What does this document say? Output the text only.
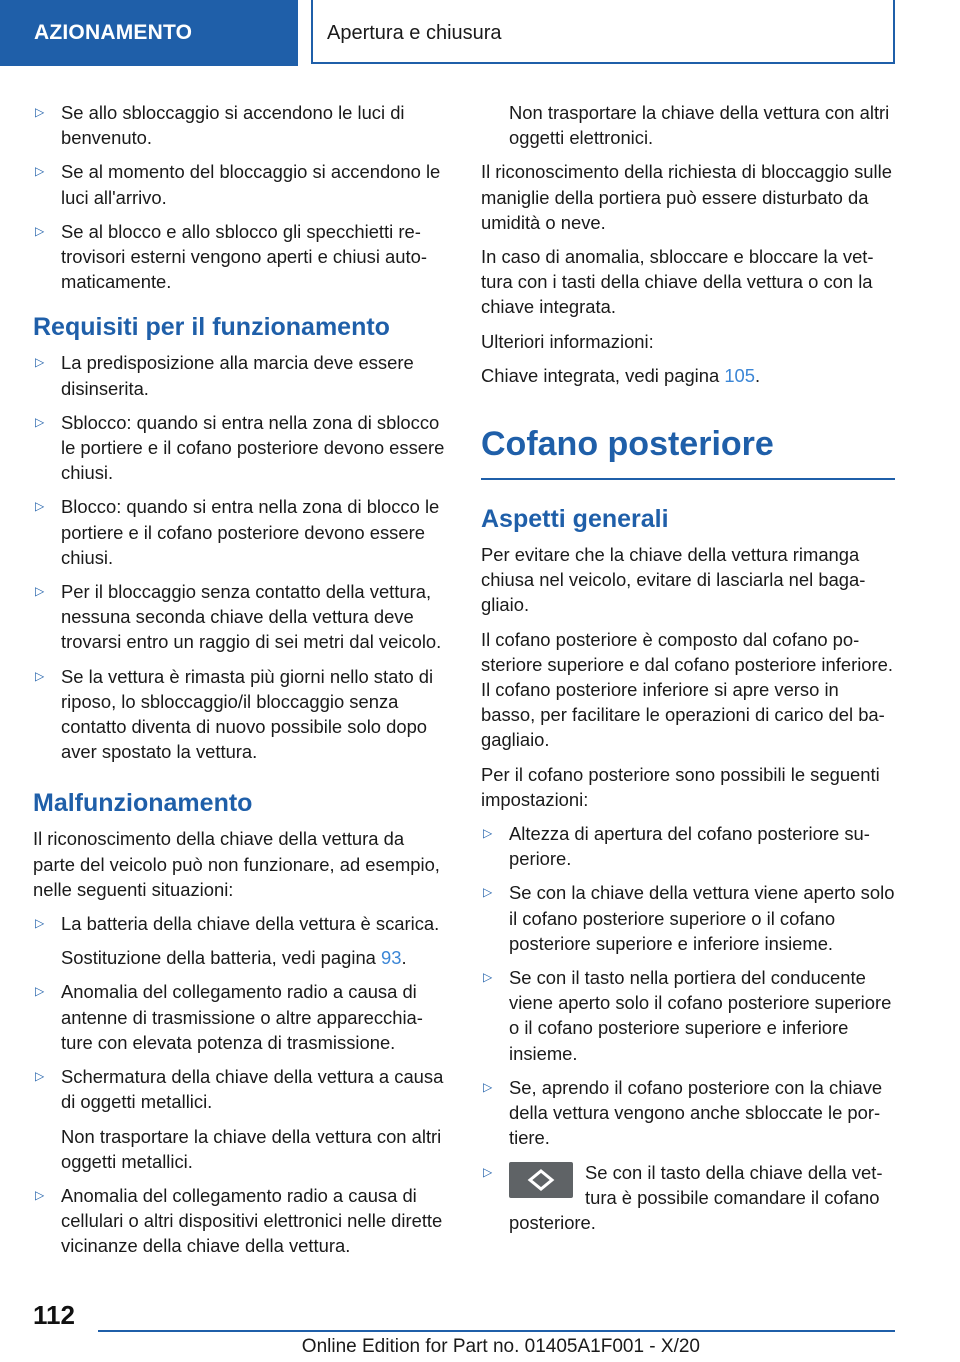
AZIONAMENTO	Apertura e chiusura
▷ Se allo sbloccaggio si accendono le luci di benvenuto.
▷ Se al momento del bloccaggio si accendono le luci all'arrivo.
▷ Se al blocco e allo sblocco gli specchietti retrovisori esterni vengono aperti e chiusi automaticamente.
Requisiti per il funzionamento
▷ La predisposizione alla marcia deve essere disinserita.
▷ Sblocco: quando si entra nella zona di sblocco le portiere e il cofano posteriore devono essere chiusi.
▷ Blocco: quando si entra nella zona di blocco le portiere e il cofano posteriore devono essere chiusi.
▷ Per il bloccaggio senza contatto della vettura, nessuna seconda chiave della vettura deve trovarsi entro un raggio di sei metri dal veicolo.
▷ Se la vettura è rimasta più giorni nello stato di riposo, lo sbloccaggio/il bloccaggio senza contatto diventa di nuovo possibile solo dopo aver spostato la vettura.
Malfunzionamento

Il riconoscimento della chiave della vettura da parte del veicolo può non funzionare, ad esempio, nelle seguenti situazioni:

▷ La batteria della chiave della vettura è scarica.
Sostituzione della batteria, vedi pagina 93.
▷ Anomalia del collegamento radio a causa di antenne di trasmissione o altre apparecchiature con elevata potenza di trasmissione.
▷ Schermatura della chiave della vettura a causa di oggetti metallici.
Non trasportare la chiave della vettura con altri oggetti metallici.
▷ Anomalia del collegamento radio a causa di cellulari o altri dispositivi elettronici nelle dirette vicinanze della chiave della vettura.
Non trasportare la chiave della vettura con altri oggetti elettronici.

Il riconoscimento della richiesta di bloccaggio sulle maniglie della portiera può essere disturbato da umidità o neve.

In caso di anomalia, sbloccare e bloccare la vettura con i tasti della chiave della vettura o con la chiave integrata.

Ulteriori informazioni:

Chiave integrata, vedi pagina 105.

Cofano posteriore
Aspetti generali

Per evitare che la chiave della vettura rimanga chiusa nel veicolo, evitare di lasciarla nel bagagliaio.

Il cofano posteriore è composto dal cofano posteriore superiore e dal cofano posteriore inferiore. Il cofano posteriore inferiore si apre verso in basso, per facilitare le operazioni di carico del bagagliaio.

Per il cofano posteriore sono possibili le seguenti impostazioni:

▷ Altezza di apertura del cofano posteriore superiore.
▷ Se con la chiave della vettura viene aperto solo il cofano posteriore superiore o il cofano posteriore superiore e inferiore insieme.
▷ Se con il tasto nella portiera del conducente viene aperto solo il cofano posteriore superiore o il cofano posteriore superiore e inferiore insieme.
▷ Se, aprendo il cofano posteriore con la chiave della vettura vengono anche sbloccate le portiere.
▷	Se con il tasto della chiave della vettura è possibile comandare il cofano posteriore.
112
Online Edition for Part no. 01405A1F001 - X/20
